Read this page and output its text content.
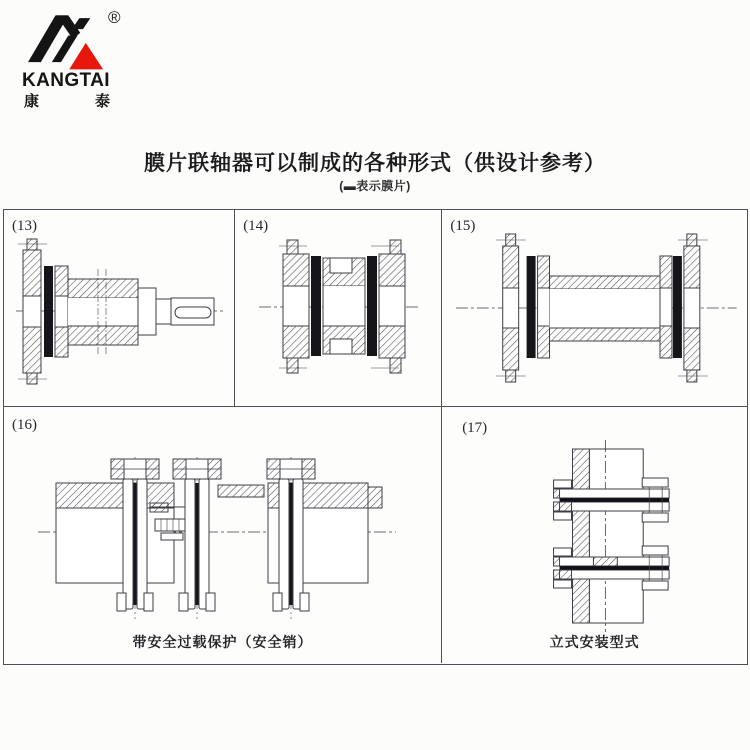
®
KANGTAI
康	泰
膜片联轴器可以制成的各种形式（供设计参考）
(▬表示膜片)
(13)	(14)	(15)
(16)
带安全过载保护（安全销）
(17)
立式安装型式
